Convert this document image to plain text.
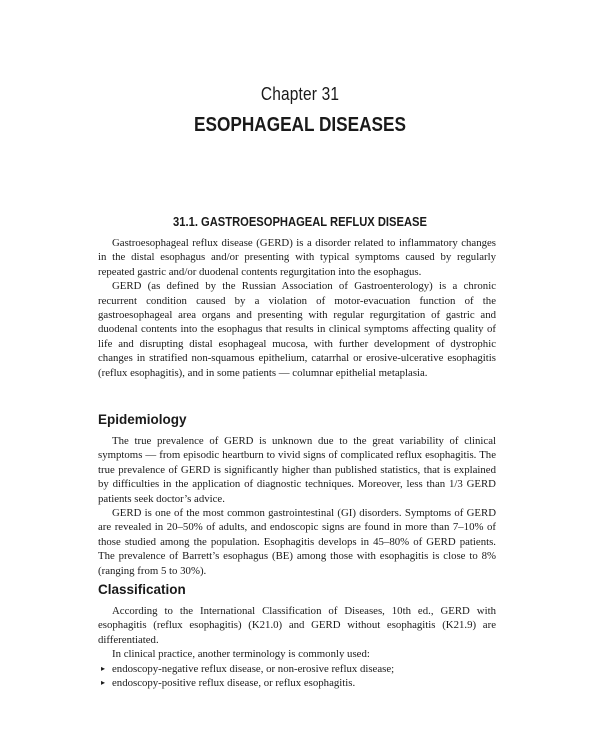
Chapter 31
ESOPHAGEAL DISEASES
31.1. GASTROESOPHAGEAL REFLUX DISEASE

Gastroesophageal reflux disease (GERD) is a disorder related to inflammatory changes in the distal esophagus and/or presenting with typical symptoms caused by regularly repeated gastric and/or duodenal contents regurgitation into the esophagus.

GERD (as defined by the Russian Association of Gastroenterology) is a chronic recurrent condition caused by a violation of motor-evacuation function of the gastroesophageal area organs and presenting with regular regurgitation of gastric and duodenal contents into the esophagus that results in clinical symptoms affecting quality of life and disrupting distal esophageal mucosa, with further development of dystrophic changes in stratified non-squamous epithelium, catarrhal or erosive-ulcerative esophagitis (reflux esophagitis), and in some patients — columnar epithelial metaplasia.

Epidemiology

The true prevalence of GERD is unknown due to the great variability of clinical symptoms — from episodic heartburn to vivid signs of complicated reflux esophagitis. The true prevalence of GERD is significantly higher than published statistics, that is explained by difficulties in the application of diagnostic techniques. Moreover, less than 1/3 GERD patients seek doctor’s advice.

GERD is one of the most common gastrointestinal (GI) disorders. Symptoms of GERD are revealed in 20–50% of adults, and endoscopic signs are found in more than 7–10% of those studied among the population. Esophagitis develops in 45–80% of GERD patients. The prevalence of Barrett’s esophagus (BE) among those with esophagitis is close to 8% (ranging from 5 to 30%).

Classification

According to the International Classification of Diseases, 10th ed., GERD with esophagitis (reflux esophagitis) (K21.0) and GERD without esophagitis (K21.9) are differentiated.

In clinical practice, another terminology is commonly used:

▸ endoscopy-negative reflux disease, or non-erosive reflux disease;
▸ endoscopy-positive reflux disease, or reflux esophagitis.
